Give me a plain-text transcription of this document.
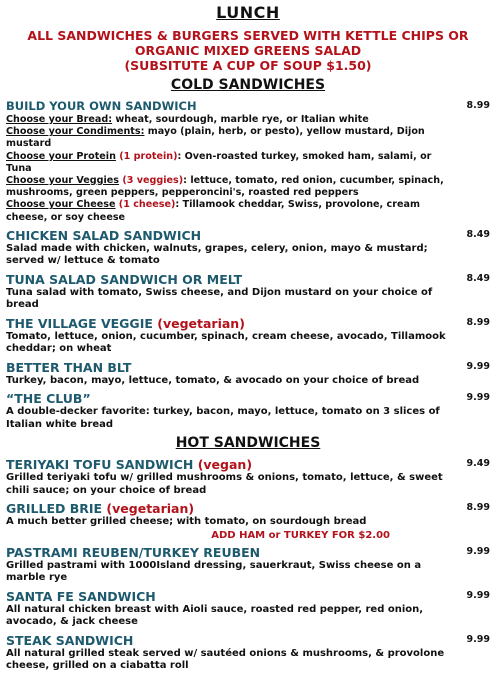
LUNCH
ALL SANDWICHES & BURGERS SERVED WITH KETTLE CHIPS OR
ORGANIC MIXED GREENS SALAD
(SUBSITUTE A CUP OF SOUP $1.50)
COLD SANDWICHES
BUILD YOUR OWN SANDWICH	8.99
Choose your Bread: wheat, sourdough, marble rye, or Italian white
Choose your Condiments: mayo (plain, herb, or pesto), yellow mustard, Dijon mustard
Choose your Protein (1 protein): Oven-roasted turkey, smoked ham, salami, or Tuna
Choose your Veggies (3 veggies): lettuce, tomato, red onion, cucumber, spinach, mushrooms, green peppers, pepperoncini's, roasted red peppers
Choose your Cheese (1 cheese): Tillamook cheddar, Swiss, provolone, cream cheese, or soy cheese
CHICKEN SALAD SANDWICH	8.49
Salad made with chicken, walnuts, grapes, celery, onion, mayo & mustard; served w/ lettuce & tomato
TUNA SALAD SANDWICH OR MELT	8.49
Tuna salad with tomato, Swiss cheese, and Dijon mustard on your choice of bread
THE VILLAGE VEGGIE (vegetarian)	8.99
Tomato, lettuce, onion, cucumber, spinach, cream cheese, avocado, Tillamook cheddar; on wheat
BETTER THAN BLT	9.99
Turkey, bacon, mayo, lettuce, tomato, & avocado on your choice of bread
“THE CLUB”	9.99
A double-decker favorite: turkey, bacon, mayo, lettuce, tomato on 3 slices of Italian white bread
HOT SANDWICHES
TERIYAKI TOFU SANDWICH (vegan)	9.49
Grilled teriyaki tofu w/ grilled mushrooms & onions, tomato, lettuce, & sweet chili sauce; on your choice of bread
GRILLED BRIE (vegetarian)	8.99
A much better grilled cheese; with tomato, on sourdough bread
ADD HAM or TURKEY FOR $2.00
PASTRAMI REUBEN/TURKEY REUBEN	9.99
Grilled pastrami with 1000Island dressing, sauerkraut, Swiss cheese on a marble rye
SANTA FE SANDWICH	9.99
All natural chicken breast with Aioli sauce, roasted red pepper, red onion, avocado, & jack cheese
STEAK SANDWICH	9.99
All natural grilled steak served w/ sautéed onions & mushrooms, & provolone cheese, grilled on a ciabatta roll
